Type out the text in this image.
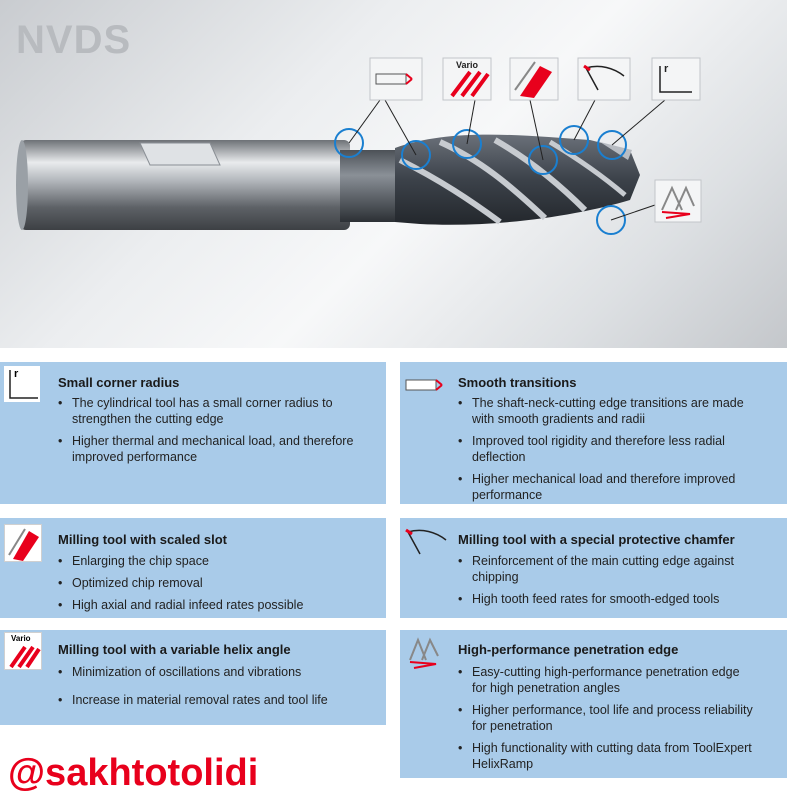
NVDS
Vario	r
r
Small corner radius
• The cylindrical tool has a small corner radius to strengthen the cutting edge
• Higher thermal and mechanical load, and therefore improved performance
Smooth transitions
• The shaft-neck-cutting edge transitions are made with smooth gradients and radii
• Improved tool rigidity and therefore less radial deflection
• Higher mechanical load and therefore improved performance
Milling tool with scaled slot
• Enlarging the chip space
• Optimized chip removal
• High axial and radial infeed rates possible
Milling tool with a special protective chamfer
• Reinforcement of the main cutting edge against chipping
• High tooth feed rates for smooth-edged tools
Vario
Milling tool with a variable helix angle
• Minimization of oscillations and vibrations
• Increase in material removal rates and tool life
High-performance penetration edge
• Easy-cutting high-performance penetration edge for high penetration angles
• Higher performance, tool life and process reliability for penetration
• High functionality with cutting data from ToolExpert HelixRamp
@sakhtotolidi
